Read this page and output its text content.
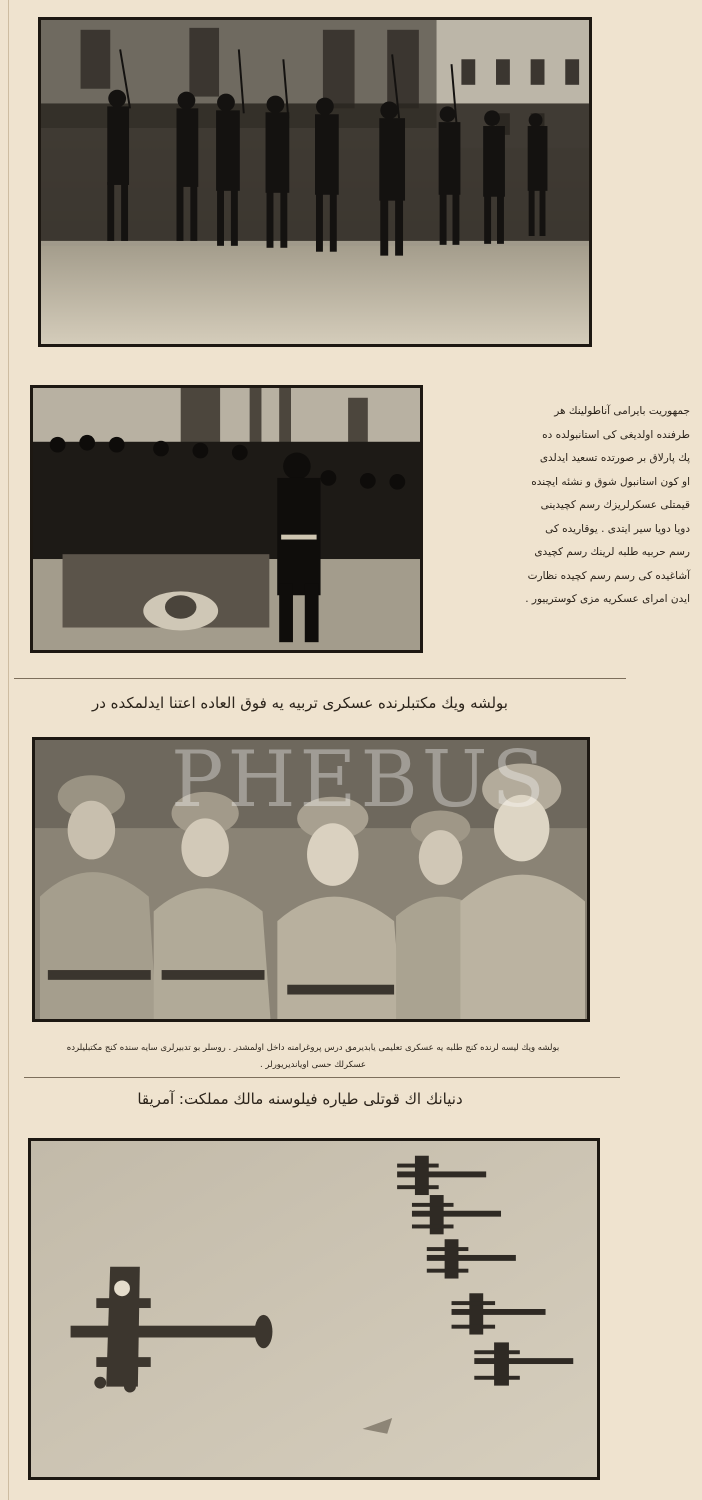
جمهوريت بايرامى آناطولينك هر
طرفنده اولديغى كى استانبولده ده
پك پارلاق بر صورتده تسعيد ايدلدى
او كون استانبول شوق و نشئه ايچنده
قيمتلى عسكرلريزك رسم كچيدينى
دويا دويا سير ايتدى . يوقاريده كى
رسم حربيه طلبه لرينك رسم كچيدى
آشاغيده كى رسم رسم كچيده نظارت
ايدن امراى عسكريه مزى كوسترييور .
بولشه ويك مكتبلرنده عسكرى تربيه يه فوق العاده اعتنا ايدلمكده در
PHEBUS
بولشه ويك ليسه لرنده كنج طلبه يه عسكرى تعليمى يابديرمق درس پروغرامنه داخل اولمشدر . روسلر بو تدبيرلرى سايه سنده كنج مكتبليلرده
عسكرلك حسى اويانديريورلر .
دنيانك اك قوتلى طياره فيلوسنه مالك مملكت: آمريقا
